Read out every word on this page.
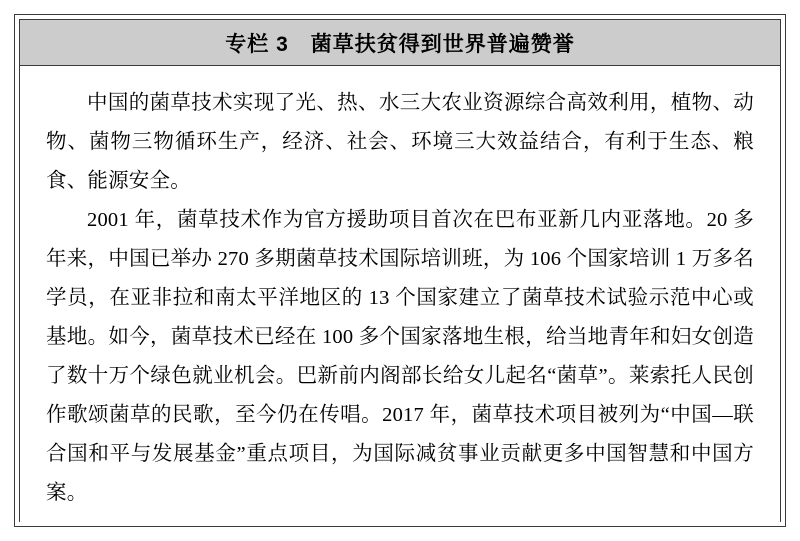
专栏 3　菌草扶贫得到世界普遍赞誉

中国的菌草技术实现了光、热、水三大农业资源综合高效利用，植物、动物、菌物三物循环生产，经济、社会、环境三大效益结合，有利于生态、粮食、能源安全。

2001 年，菌草技术作为官方援助项目首次在巴布亚新几内亚落地。20 多年来，中国已举办 270 多期菌草技术国际培训班，为 106 个国家培训 1 万多名学员，在亚非拉和南太平洋地区的 13 个国家建立了菌草技术试验示范中心或基地。如今，菌草技术已经在 100 多个国家落地生根，给当地青年和妇女创造了数十万个绿色就业机会。巴新前内阁部长给女儿起名“菌草”。莱索托人民创作歌颂菌草的民歌，至今仍在传唱。2017 年，菌草技术项目被列为“中国—联合国和平与发展基金”重点项目，为国际减贫事业贡献更多中国智慧和中国方案。
